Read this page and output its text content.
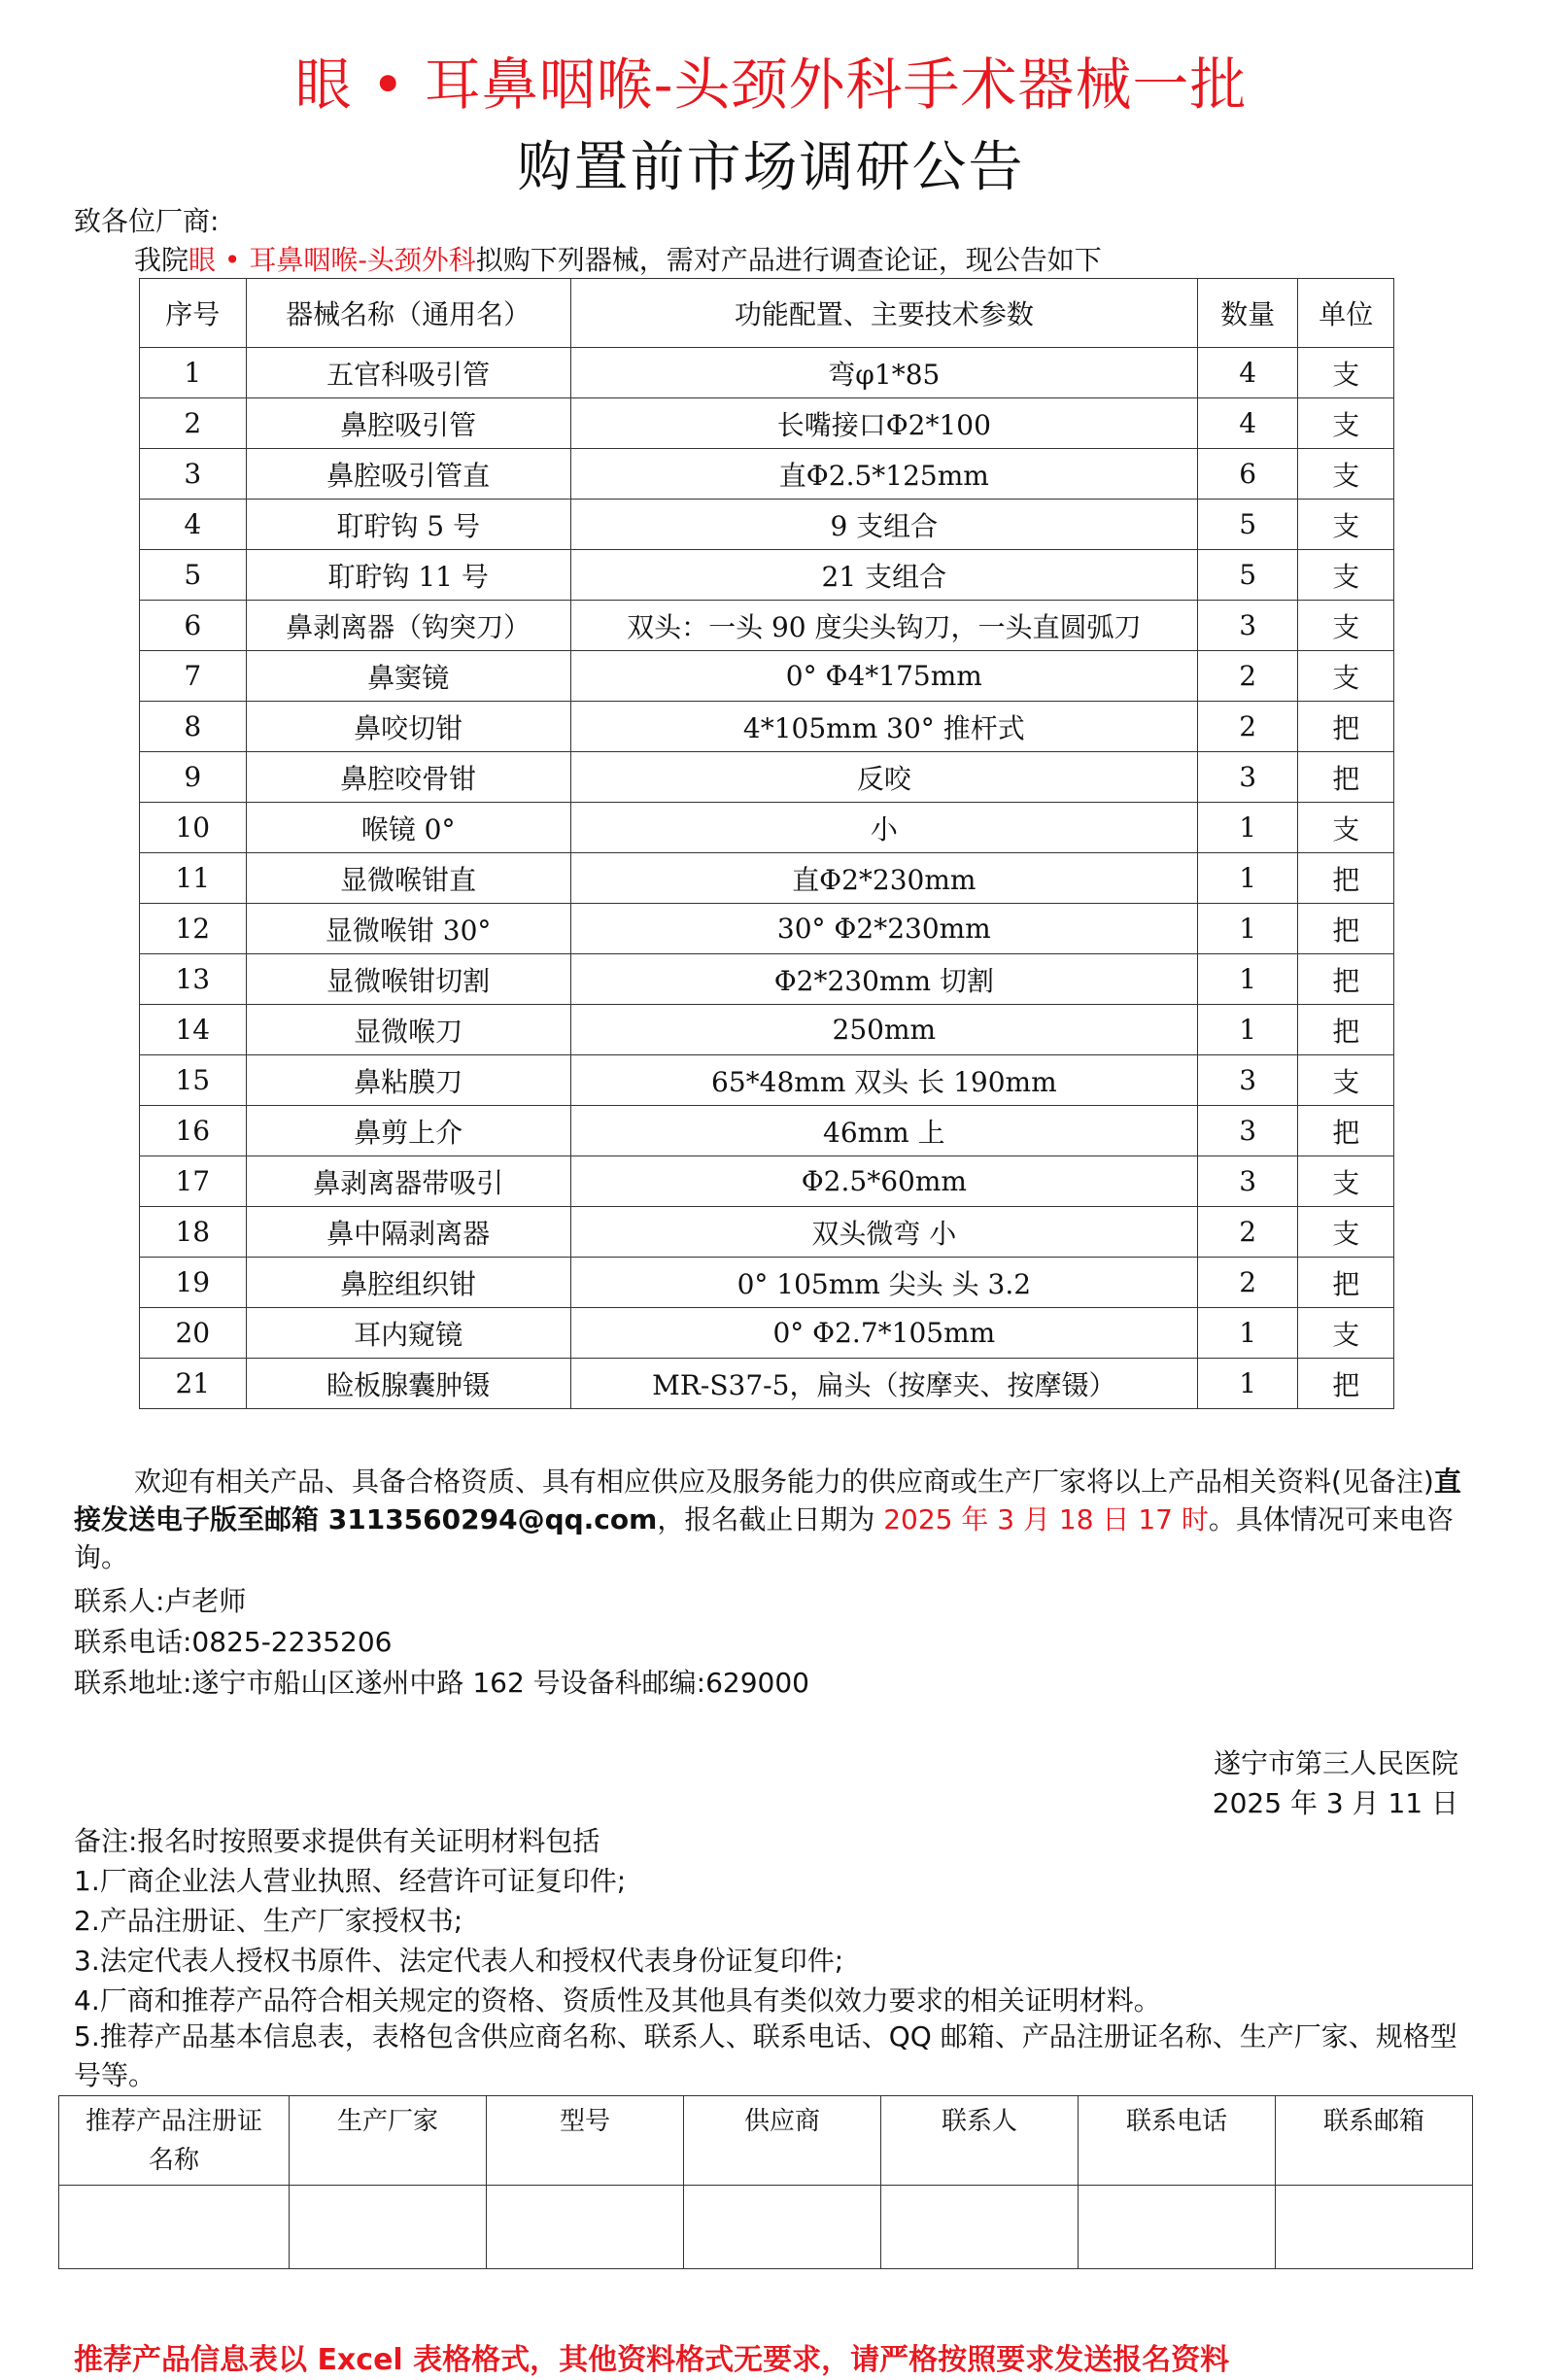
眼 • 耳鼻咽喉-头颈外科手术器械一批
购置前市场调研公告
致各位厂商:
我院眼 • 耳鼻咽喉-头颈外科拟购下列器械，需对产品进行调查论证，现公告如下
序号	器械名称（通用名）	功能配置、主要技术参数	数量	单位
1	五官科吸引管	弯φ1*85	4	支
2	鼻腔吸引管	长嘴接口Φ2*100	4	支
3	鼻腔吸引管直	直Φ2.5*125mm	6	支
4	耵聍钩 5 号	9 支组合	5	支
5	耵聍钩 11 号	21 支组合	5	支
6	鼻剥离器（钩突刀）	双头：一头 90 度尖头钩刀，一头直圆弧刀	3	支
7	鼻窦镜	0° Φ4*175mm	2	支
8	鼻咬切钳	4*105mm 30° 推杆式	2	把
9	鼻腔咬骨钳	反咬	3	把
10	喉镜 0°	小	1	支
11	显微喉钳直	直Φ2*230mm	1	把
12	显微喉钳 30°	30° Φ2*230mm	1	把
13	显微喉钳切割	Φ2*230mm 切割	1	把
14	显微喉刀	250mm	1	把
15	鼻粘膜刀	65*48mm 双头 长 190mm	3	支
16	鼻剪上介	46mm 上	3	把
17	鼻剥离器带吸引	Φ2.5*60mm	3	支
18	鼻中隔剥离器	双头微弯 小	2	支
19	鼻腔组织钳	0° 105mm 尖头 头 3.2	2	把
20	耳内窥镜	0° Φ2.7*105mm	1	支
21	睑板腺囊肿镊	MR-S37-5，扁头（按摩夹、按摩镊）	1	把
欢迎有相关产品、具备合格资质、具有相应供应及服务能力的供应商或生产厂家将以上产品相关资料(见备注)直接发送电子版至邮箱 3113560294@qq.com，报名截止日期为 2025 年 3 月 18 日 17 时。具体情况可来电咨询。
联系人:卢老师
联系电话:0825-2235206
联系地址:遂宁市船山区遂州中路 162 号设备科邮编:629000
遂宁市第三人民医院
2025 年 3 月 11 日
备注:报名时按照要求提供有关证明材料包括
1.厂商企业法人营业执照、经营许可证复印件;
2.产品注册证、生产厂家授权书;
3.法定代表人授权书原件、法定代表人和授权代表身份证复印件;
4.厂商和推荐产品符合相关规定的资格、资质性及其他具有类似效力要求的相关证明材料。
5.推荐产品基本信息表，表格包含供应商名称、联系人、联系电话、QQ 邮箱、产品注册证名称、生产厂家、规格型号等。
推荐产品注册证名称	生产厂家	型号	供应商	联系人	联系电话	联系邮箱

推荐产品信息表以 Excel 表格格式，其他资料格式无要求，请严格按照要求发送报名资料
